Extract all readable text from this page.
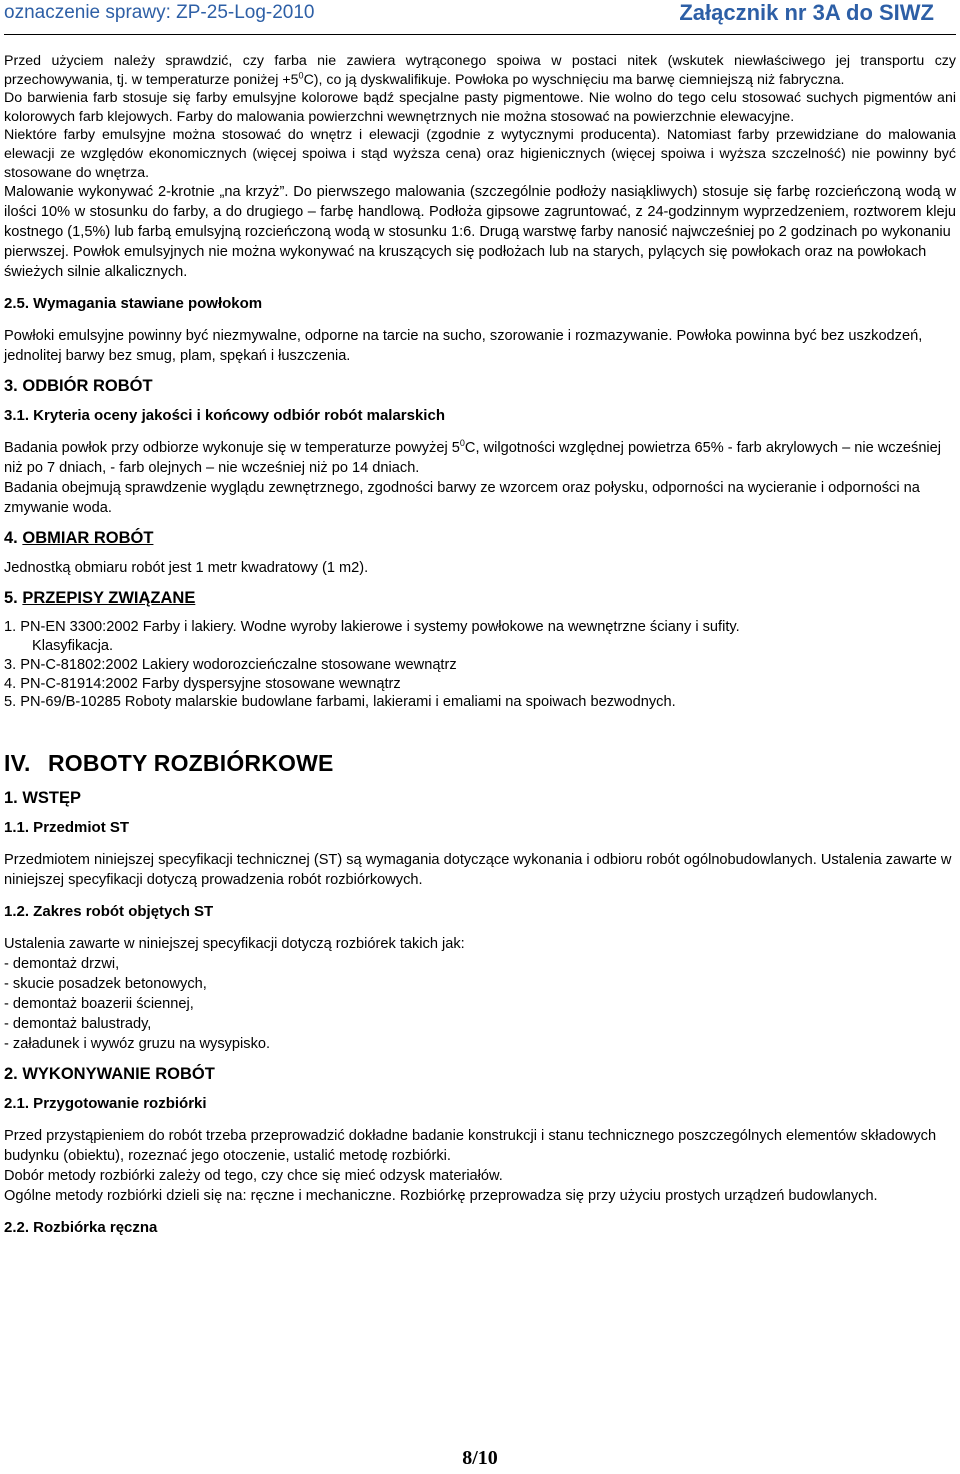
oznaczenie sprawy: ZP-25-Log-2010	Załącznik nr 3A do SIWZ

Przed użyciem należy sprawdzić, czy farba nie zawiera wytrąconego spoiwa w postaci nitek (wskutek niewłaściwego jej transportu czy przechowywania, tj. w temperaturze poniżej $+5^0C$), co ją dyskwalifikuje. Powłoka po wyschnięciu ma barwę ciemniejszą niż fabryczna.

Do barwienia farb stosuje się farby emulsyjne kolorowe bądź specjalne pasty pigmentowe. Nie wolno do tego celu stosować suchych pigmentów ani kolorowych farb klejowych. Farby do malowania powierzchni wewnętrznych nie można stosować na powierzchnie elewacyjne.

Niektóre farby emulsyjne można stosować do wnętrz i elewacji (zgodnie z wytycznymi producenta). Natomiast farby przewidziane do malowania elewacji ze względów ekonomicznych (więcej spoiwa i stąd wyższa cena) oraz higienicznych (więcej spoiwa i wyższa szczelność) nie powinny być stosowane do wnętrza.

Malowanie wykonywać 2-krotnie „na krzyż”. Do pierwszego malowania (szczególnie podłoży nasiąkliwych) stosuje się farbę rozcieńczoną wodą w ilości 10% w stosunku do farby, a do drugiego – farbę handlową. Podłoża gipsowe zagruntować, z 24-godzinnym wyprzedzeniem, roztworem kleju kostnego (1,5%) lub farbą emulsyjną rozcieńczoną wodą w stosunku 1:6. Drugą warstwę farby nanosić najwcześniej po 2 godzinach po wykonaniu

pierwszej. Powłok emulsyjnych nie można wykonywać na kruszących się podłożach lub na starych, pylących się powłokach oraz na powłokach świeżych silnie alkalicznych.

2.5. Wymagania stawiane powłokom

Powłoki emulsyjne powinny być niezmywalne, odporne na tarcie na sucho, szorowanie i rozmazywanie. Powłoka powinna być bez uszkodzeń, jednolitej barwy bez smug, plam, spękań i łuszczenia.

3. ODBIÓR ROBÓT
3.1. Kryteria oceny jakości i końcowy odbiór robót malarskich

Badania powłok przy odbiorze wykonuje się w temperaturze powyżej $5^0C$, wilgotności względnej powietrza 65% - farb akrylowych – nie wcześniej niż po 7 dniach, - farb olejnych – nie wcześniej niż po 14 dniach.

Badania obejmują sprawdzenie wyglądu zewnętrznego, zgodności barwy ze wzorcem oraz połysku, odporności na wycieranie i odporności na zmywanie woda.

4. OBMIAR ROBÓT

Jednostką obmiaru robót jest 1 metr kwadratowy (1 m2).

5. PRZEPISY ZWIĄZANE
1. PN-EN 3300:2002 Farby i lakiery. Wodne wyroby lakierowe i systemy powłokowe na wewnętrzne ściany i sufity.
Klasyfikacja.
3. PN-C-81802:2002 Lakiery wodorozcieńczalne stosowane wewnątrz
4. PN-C-81914:2002 Farby dyspersyjne stosowane wewnątrz
5. PN-69/B-10285 Roboty malarskie budowlane farbami, lakierami i emaliami na spoiwach bezwodnych.
IV. ROBOTY ROZBIÓRKOWE
1. WSTĘP
1.1. Przedmiot ST

Przedmiotem niniejszej specyfikacji technicznej (ST) są wymagania dotyczące wykonania i odbioru robót ogólnobudowlanych. Ustalenia zawarte w niniejszej specyfikacji dotyczą prowadzenia robót rozbiórkowych.

1.2. Zakres robót objętych ST

Ustalenia zawarte w niniejszej specyfikacji dotyczą rozbiórek takich jak:

- demontaż drzwi,
- skucie posadzek betonowych,
- demontaż boazerii ściennej,
- demontaż balustrady,
- załadunek i wywóz gruzu na wysypisko.
2. WYKONYWANIE ROBÓT
2.1. Przygotowanie rozbiórki

Przed przystąpieniem do robót trzeba przeprowadzić dokładne badanie konstrukcji i stanu technicznego poszczególnych elementów składowych budynku (obiektu), rozeznać jego otoczenie, ustalić metodę rozbiórki.

Dobór metody rozbiórki zależy od tego, czy chce się mieć odzysk materiałów.

Ogólne metody rozbiórki dzieli się na: ręczne i mechaniczne. Rozbiórkę przeprowadza się przy użyciu prostych urządzeń budowlanych.

2.2. Rozbiórka ręczna
8/10
